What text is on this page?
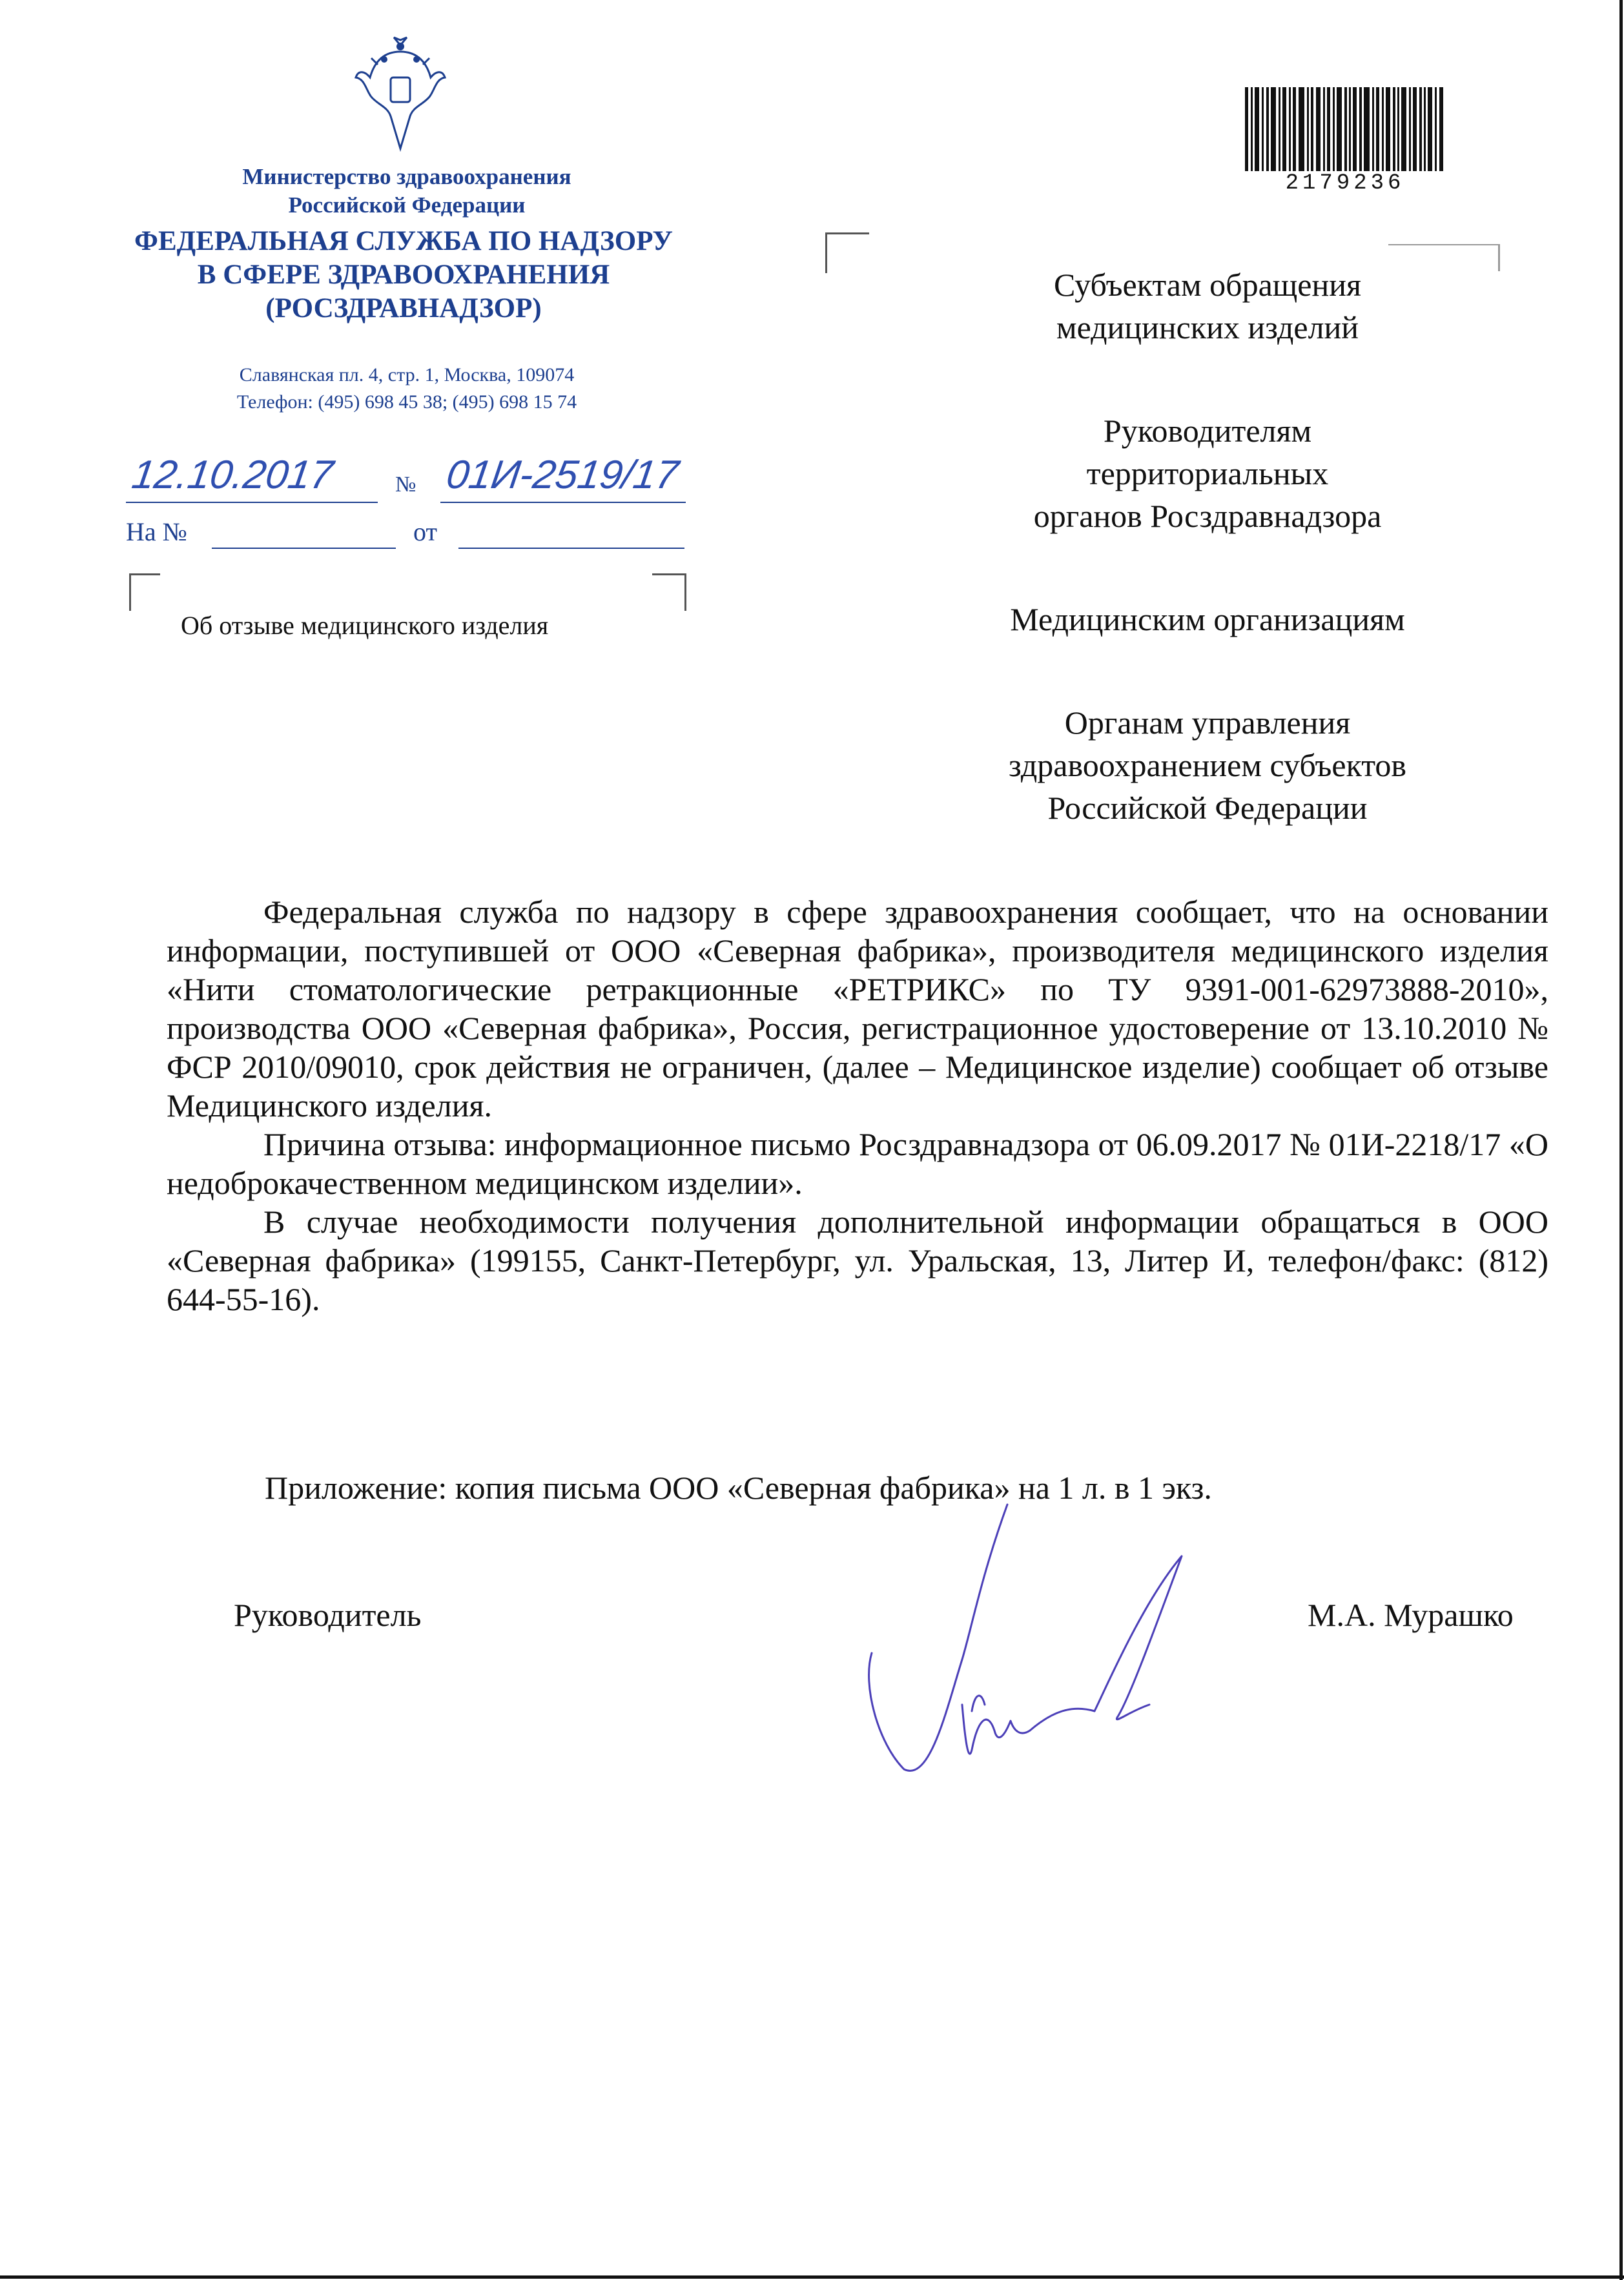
Министерство здравоохранения
Российской Федерации
ФЕДЕРАЛЬНАЯ СЛУЖБА ПО НАДЗОРУ
В СФЕРЕ ЗДРАВООХРАНЕНИЯ
(РОСЗДРАВНАДЗОР)
Славянская пл. 4, стр. 1, Москва, 109074
Телефон: (495) 698 45 38; (495) 698 15 74
12.10.2017	№ 01И-2519/17
На №	от
Об отзыве медицинского изделия
2179236

Субъектам обращения
медицинских изделий

Руководителям
территориальных
органов Росздравнадзора

Медицинским организациям

Органам управления
здравоохранением субъектов
Российской Федерации

Федеральная служба по надзору в сфере здравоохранения сообщает, что на основании информации, поступившей от ООО «Северная фабрика», производителя медицинского изделия «Нити стоматологические ретракционные «РЕТРИКС» по ТУ 9391-001-62973888-2010», производства ООО «Северная фабрика», Россия, регистрационное удостоверение от 13.10.2010 № ФСР 2010/09010, срок действия не ограничен, (далее – Медицинское изделие) сообщает об отзыве Медицинского изделия.

Причина отзыва: информационное письмо Росздравнадзора от 06.09.2017 № 01И-2218/17 «О недоброкачественном медицинском изделии».

В случае необходимости получения дополнительной информации обращаться в ООО «Северная фабрика» (199155, Санкт-Петербург, ул. Уральская, 13, Литер И, телефон/факс: (812) 644-55-16).

Приложение: копия письма ООО «Северная фабрика» на 1 л. в 1 экз.
Руководитель	М.А. Мурашко
